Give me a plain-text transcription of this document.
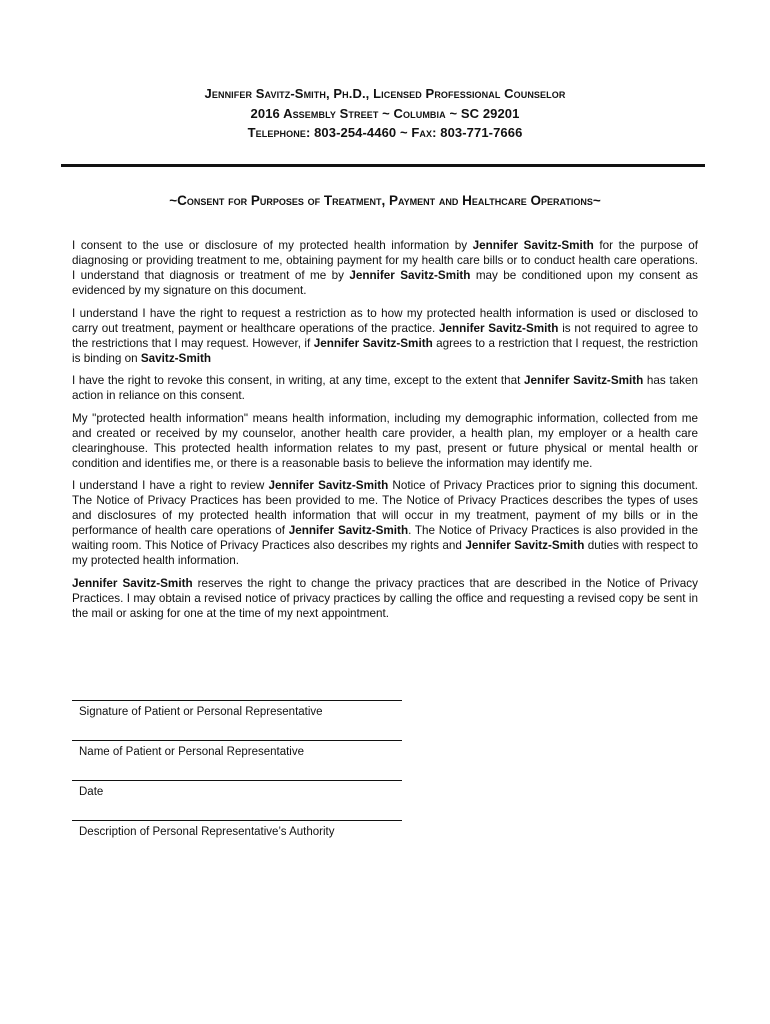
Jennifer Savitz-Smith, Ph.D., Licensed Professional Counselor
2016 Assembly Street ~ Columbia ~ SC 29201
Telephone: 803-254-4460 ~ Fax: 803-771-7666
~Consent for Purposes of Treatment, Payment and Healthcare Operations~

I consent to the use or disclosure of my protected health information by Jennifer Savitz-Smith for the purpose of diagnosing or providing treatment to me, obtaining payment for my health care bills or to conduct health care operations. I understand that diagnosis or treatment of me by Jennifer Savitz-Smith may be conditioned upon my consent as evidenced by my signature on this document.

I understand I have the right to request a restriction as to how my protected health information is used or disclosed to carry out treatment, payment or healthcare operations of the practice. Jennifer Savitz-Smith is not required to agree to the restrictions that I may request. However, if Jennifer Savitz-Smith agrees to a restriction that I request, the restriction is binding on Savitz-Smith

I have the right to revoke this consent, in writing, at any time, except to the extent that Jennifer Savitz-Smith has taken action in reliance on this consent.

My "protected health information" means health information, including my demographic information, collected from me and created or received by my counselor, another health care provider, a health plan, my employer or a health care clearinghouse. This protected health information relates to my past, present or future physical or mental health or condition and identifies me, or there is a reasonable basis to believe the information may identify me.

I understand I have a right to review Jennifer Savitz-Smith Notice of Privacy Practices prior to signing this document. The Notice of Privacy Practices has been provided to me. The Notice of Privacy Practices describes the types of uses and disclosures of my protected health information that will occur in my treatment, payment of my bills or in the performance of health care operations of Jennifer Savitz-Smith. The Notice of Privacy Practices is also provided in the waiting room. This Notice of Privacy Practices also describes my rights and Jennifer Savitz-Smith duties with respect to my protected health information.

Jennifer Savitz-Smith reserves the right to change the privacy practices that are described in the Notice of Privacy Practices. I may obtain a revised notice of privacy practices by calling the office and requesting a revised copy be sent in the mail or asking for one at the time of my next appointment.

Signature of Patient or Personal Representative
Name of Patient or Personal Representative
Date
Description of Personal Representative’s Authority
